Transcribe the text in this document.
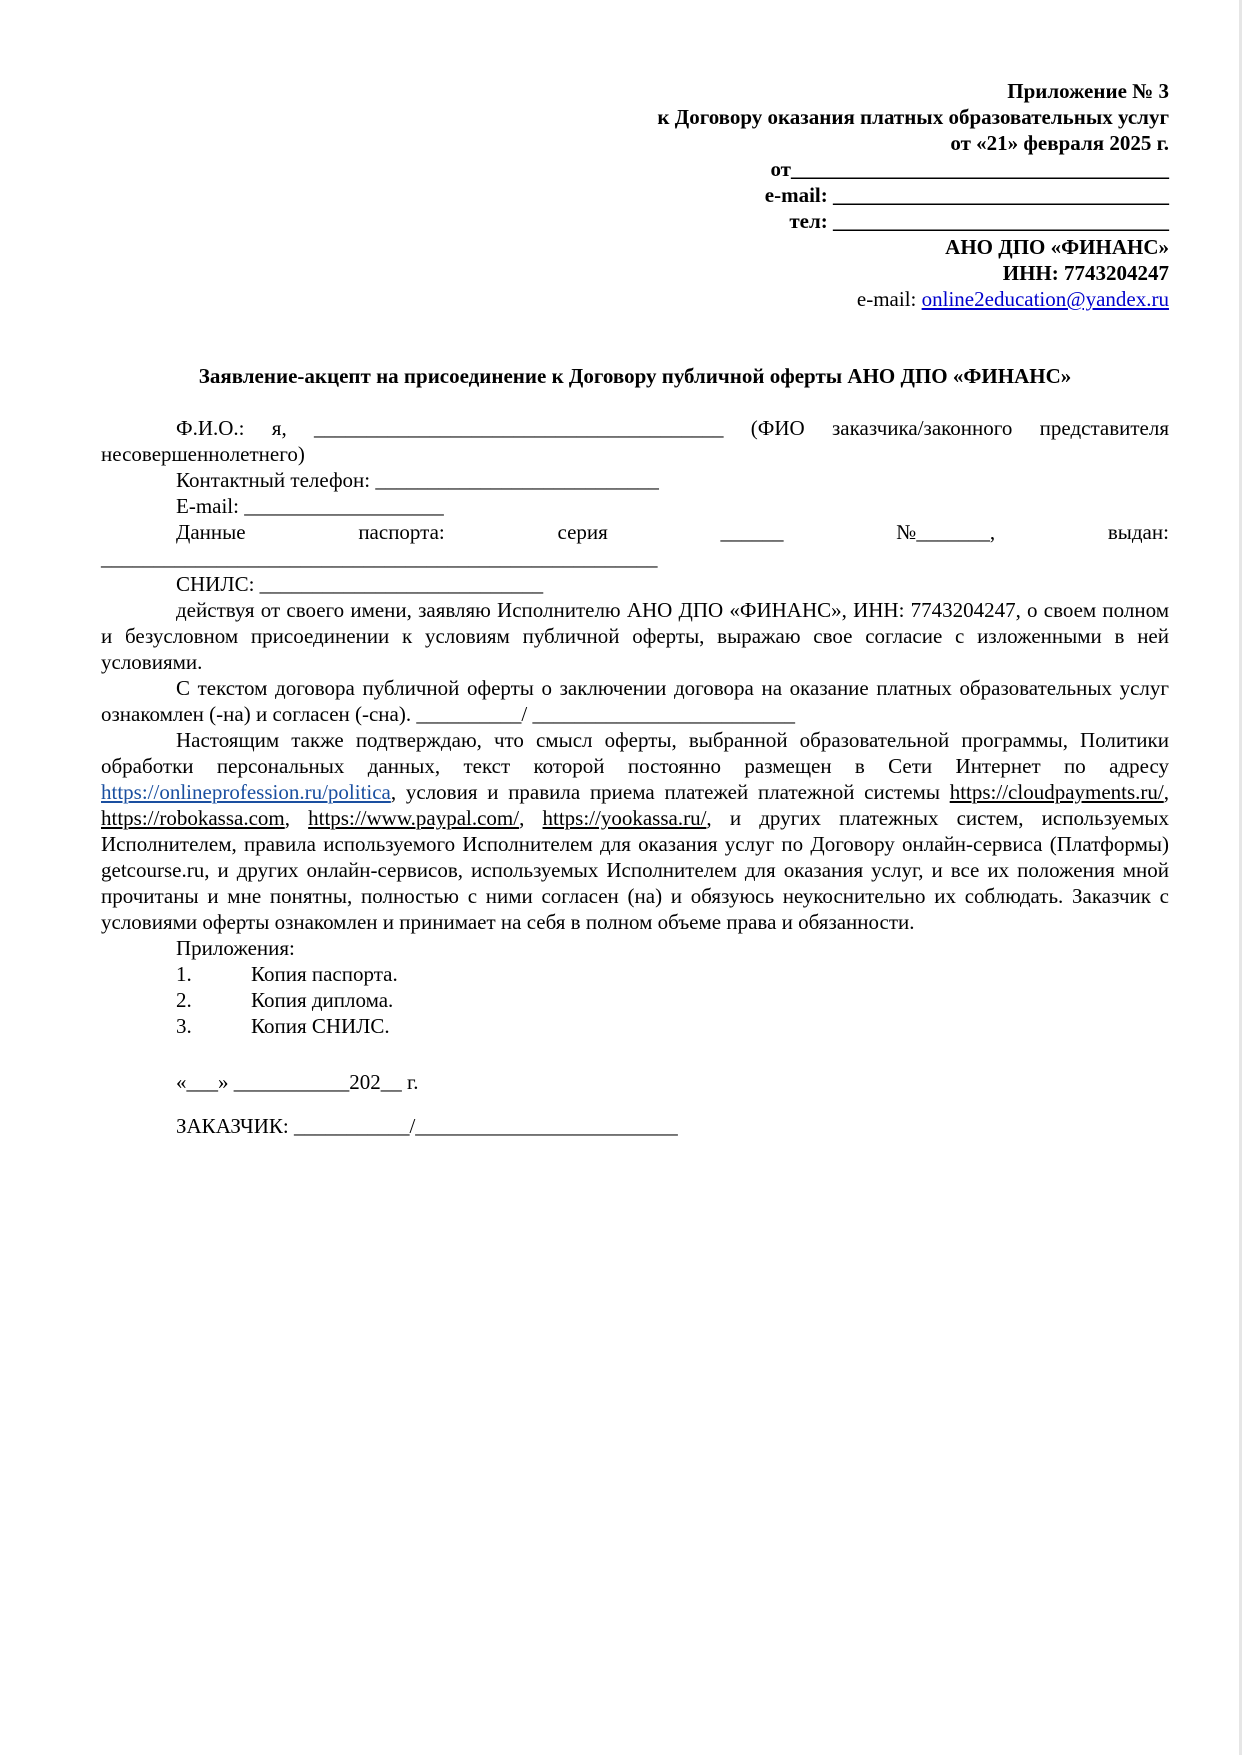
Приложение № 3
к Договору оказания платных образовательных услуг
от «21» февраля 2025 г.
от____________________________________
e-mail: ________________________________
тел: ________________________________
АНО ДПО «ФИНАНС»
ИНН: 7743204247
e-mail: online2education@yandex.ru
Заявление-акцепт на присоединение к Договору публичной оферты АНО ДПО «ФИНАНС»
Ф.И.О.: я, _______________________________________ (ФИО заказчика/законного представителя несовершеннолетнего)
Контактный телефон: ___________________________
E-mail: ___________________
Данные	паспорта:	серия	______	№_______,	выдан:
_____________________________________________________
СНИЛС: ___________________________
действуя от своего имени, заявляю Исполнителю АНО ДПО «ФИНАНС», ИНН: 7743204247, о своем полном и безусловном присоединении к условиям публичной оферты, выражаю свое согласие с изложенными в ней условиями.
С текстом договора публичной оферты о заключении договора на оказание платных образовательных услуг ознакомлен (-на) и согласен (-сна). __________/ _________________________
Настоящим также подтверждаю, что смысл оферты, выбранной образовательной программы, Политики обработки персональных данных, текст которой постоянно размещен в Сети Интернет по адресу https://onlineprofession.ru/politica, условия и правила приема платежей платежной системы https://cloudpayments.ru/, https://robokassa.com, https://www.paypal.com/, https://yookassa.ru/, и других платежных систем, используемых Исполнителем, правила используемого Исполнителем для оказания услуг по Договору онлайн-сервиса (Платформы) getcourse.ru, и других онлайн-сервисов, используемых Исполнителем для оказания услуг, и все их положения мной прочитаны и мне понятны, полностью с ними согласен (на) и обязуюсь неукоснительно их соблюдать. Заказчик с условиями оферты ознакомлен и принимает на себя в полном объеме права и обязанности.
Приложения:
1.	Копия паспорта.
2.	Копия диплома.
3.	Копия СНИЛС.
«___» ___________202__ г.
ЗАКАЗЧИК: ___________/_________________________
